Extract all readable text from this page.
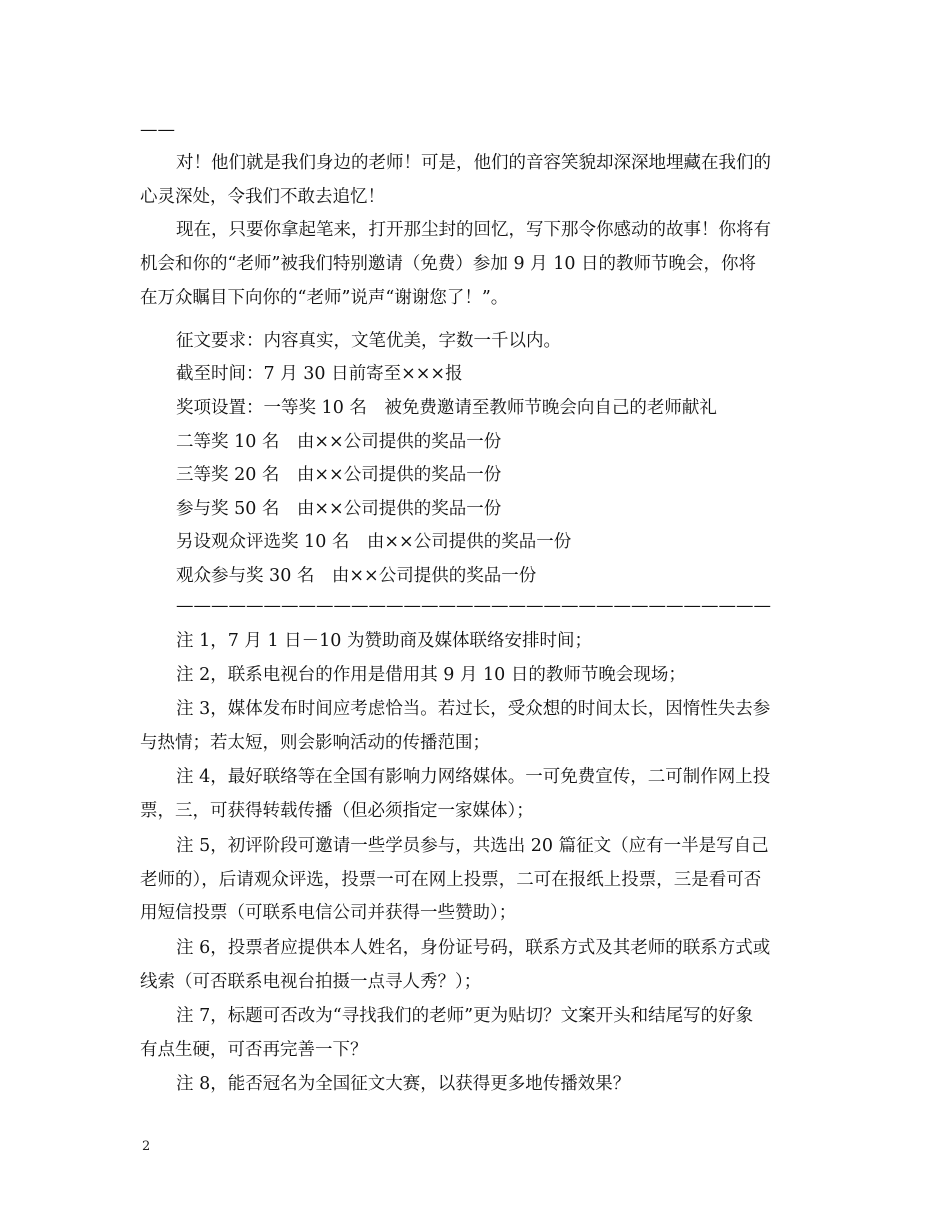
——
对！他们就是我们身边的老师！可是，他们的音容笑貌却深深地埋藏在我们的
心灵深处，令我们不敢去追忆！
现在，只要你拿起笔来，打开那尘封的回忆，写下那令你感动的故事！你将有
机会和你的“老师”被我们特别邀请（免费）参加 9 月 10 日的教师节晚会，你将
在万众瞩目下向你的“老师”说声“谢谢您了！”。
征文要求：内容真实，文笔优美，字数一千以内。
截至时间：7 月 30 日前寄至×××报
奖项设置：一等奖 10 名　被免费邀请至教师节晚会向自己的老师献礼
二等奖 10 名　由××公司提供的奖品一份
三等奖 20 名　由××公司提供的奖品一份
参与奖 50 名　由××公司提供的奖品一份
另设观众评选奖 10 名　由××公司提供的奖品一份
观众参与奖 30 名　由××公司提供的奖品一份
——————————————————————————————————
注 1，7 月 1 日－10 为赞助商及媒体联络安排时间；
注 2，联系电视台的作用是借用其 9 月 10 日的教师节晚会现场；
注 3，媒体发布时间应考虑恰当。若过长，受众想的时间太长，因惰性失去参
与热情；若太短，则会影响活动的传播范围；
注 4，最好联络等在全国有影响力网络媒体。一可免费宣传，二可制作网上投
票，三，可获得转载传播（但必须指定一家媒体）；
注 5，初评阶段可邀请一些学员参与，共选出 20 篇征文（应有一半是写自己
老师的），后请观众评选，投票一可在网上投票，二可在报纸上投票，三是看可否
用短信投票（可联系电信公司并获得一些赞助）；
注 6，投票者应提供本人姓名，身份证号码，联系方式及其老师的联系方式或
线索（可否联系电视台拍摄一点寻人秀？）；
注 7，标题可否改为“寻找我们的老师”更为贴切？文案开头和结尾写的好象
有点生硬，可否再完善一下？
注 8，能否冠名为全国征文大赛，以获得更多地传播效果？
2
